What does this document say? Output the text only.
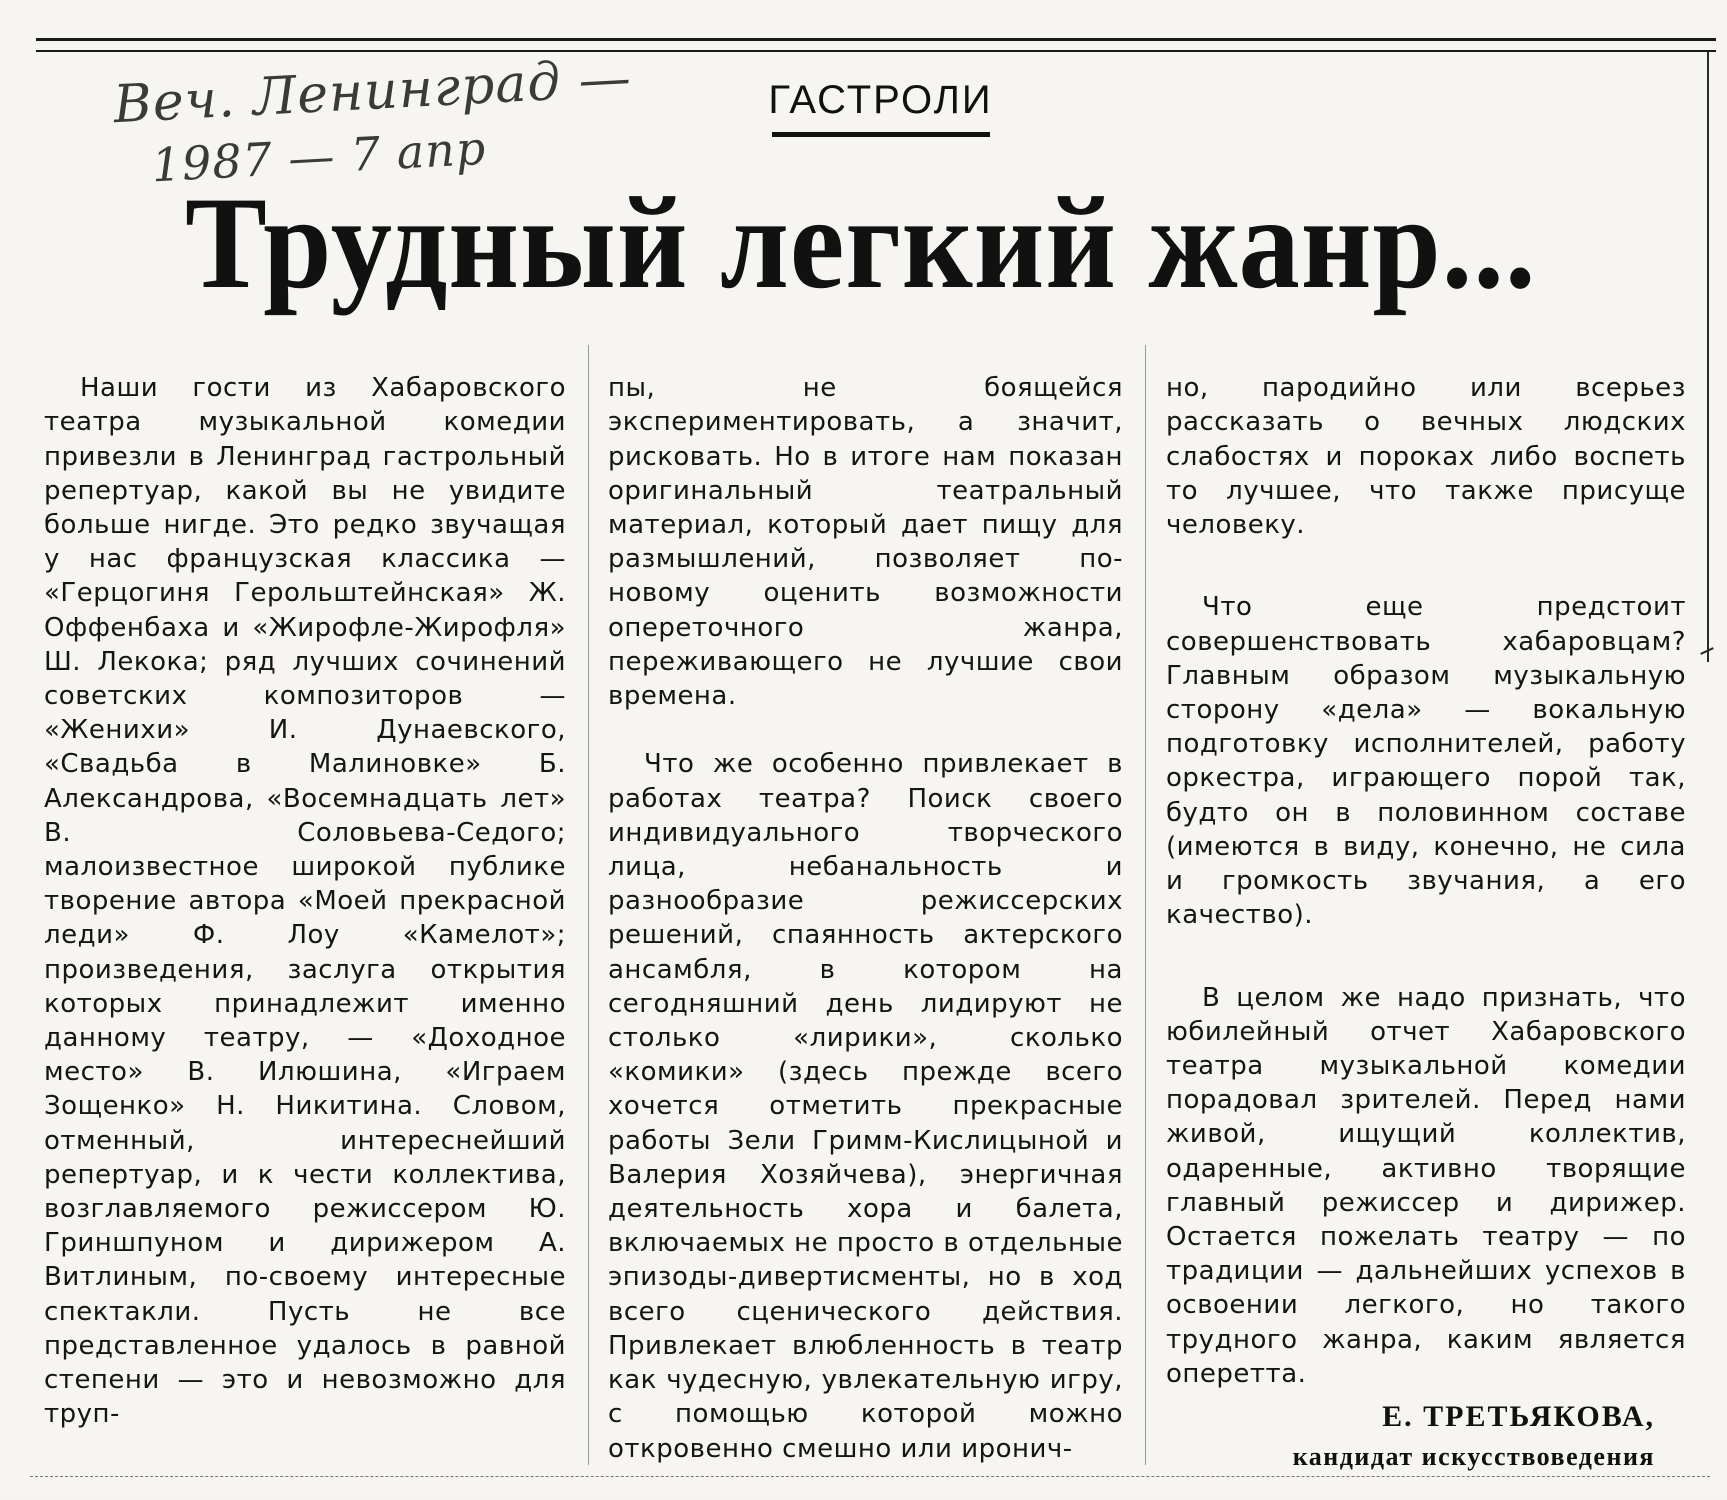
Веч. Ленинград —
1987 — 7 апр
ГАСТРОЛИ
Трудный легкий жанр...

Наши гости из Хабаровского театра музыкальной комедии привезли в Ленинград гастрольный репертуар, какой вы не увидите больше нигде. Это редко звучащая у нас французская классика — «Герцогиня Герольштейнская» Ж. Оффенбаха и «Жирофле-Жирофля» Ш. Лекока; ряд лучших сочинений советских композиторов — «Женихи» И. Дунаевского, «Свадьба в Малиновке» Б. Александрова, «Восемнадцать лет» В. Соловьева-Седого; малоизвестное широкой публике творение автора «Моей прекрасной леди» Ф. Лоу «Камелот»; произведения, заслуга открытия которых принадлежит именно данному театру, — «Доходное место» В. Илюшина, «Играем Зощенко» Н. Никитина. Словом, отменный, интереснейший репертуар, и к чести коллектива, возглавляемого режиссером Ю. Гриншпуном и дирижером А. Витлиным, по-своему интересные спектакли. Пусть не все представленное удалось в равной степени — это и невозможно для труп-

пы, не боящейся экспериментировать, а значит, рисковать. Но в итоге нам показан оригинальный театральный материал, который дает пищу для размышлений, позволяет по-новому оценить возможности опереточного жанра, переживающего не лучшие свои времена.

Что же особенно привлекает в работах театра? Поиск своего индивидуального творческого лица, небанальность и разнообразие режиссерских решений, спаянность актерского ансамбля, в котором на сегодняшний день лидируют не столько «лирики», сколько «комики» (здесь прежде всего хочется отметить прекрасные работы Зели Гримм-Кислицыной и Валерия Хозяйчева), энергичная деятельность хора и балета, включаемых не просто в отдельные эпизоды-дивертисменты, но в ход всего сценического действия. Привлекает влюбленность в театр как чудесную, увлекательную игру, с помощью которой можно откровенно смешно или иронич-

но, пародийно или всерьез рассказать о вечных людских слабостях и пороках либо воспеть то лучшее, что также присуще человеку.

Что еще предстоит совершенствовать хабаровцам? Главным образом музыкальную сторону «дела» — вокальную подготовку исполнителей, работу оркестра, играющего порой так, будто он в половинном составе (имеются в виду, конечно, не сила и громкость звучания, а его качество).

В целом же надо признать, что юбилейный отчет Хабаровского театра музыкальной комедии порадовал зрителей. Перед нами живой, ищущий коллектив, одаренные, активно творящие главный режиссер и дирижер. Остается пожелать театру — по традиции — дальнейших успехов в освоении легкого, но такого трудного жанра, каким является оперетта.

Е. ТРЕТЬЯКОВА,
кандидат искусствоведения
